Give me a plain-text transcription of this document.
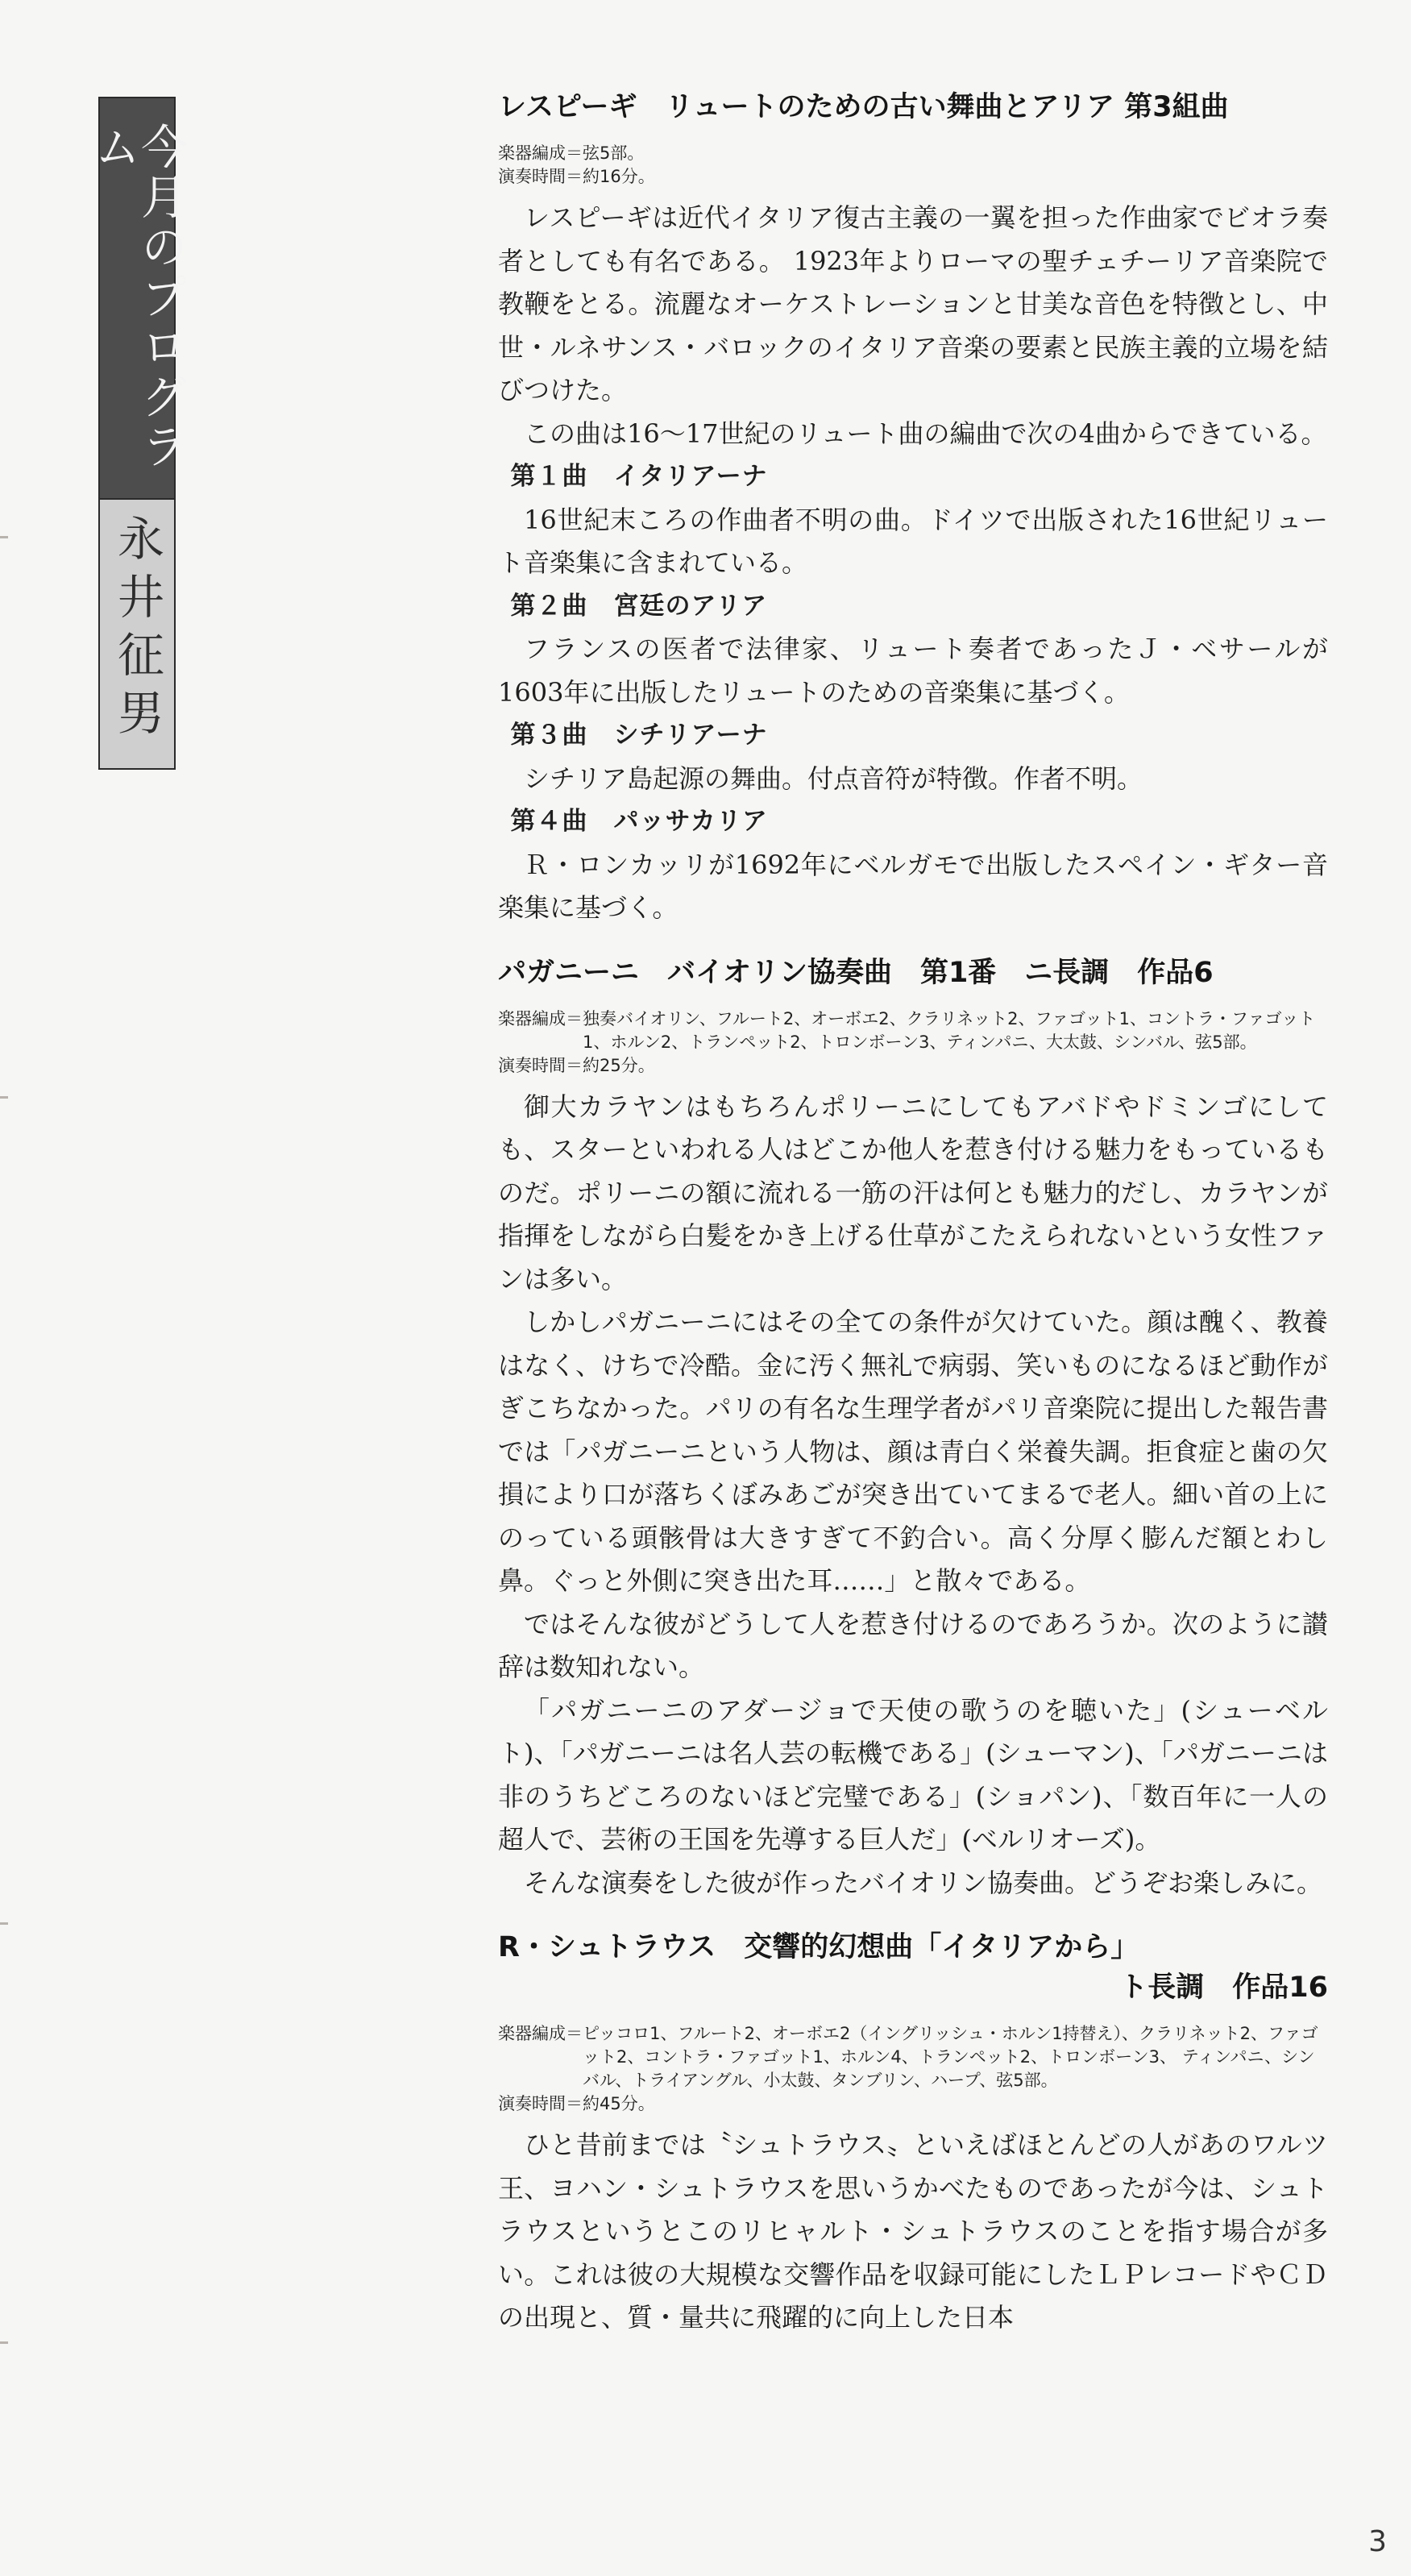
今月のプログラム
永井征男
レスピーギ　リュートのための古い舞曲とアリア 第3組曲
楽器編成＝ 弦5部。
演奏時間＝ 約16分。

レスピーギは近代イタリア復古主義の一翼を担った作曲家でビオラ奏者としても有名である。 1923年よりローマの聖チェチーリア音楽院で教鞭をとる。流麗なオーケストレーションと甘美な音色を特徴とし、中世・ルネサンス・バロックのイタリア音楽の要素と民族主義的立場を結びつけた。

この曲は16～17世紀のリュート曲の編曲で次の4曲からできている。

第１曲　イタリアーナ

16世紀末ころの作曲者不明の曲。ドイツで出版された16世紀リュート音楽集に含まれている。

第２曲　宮廷のアリア

フランスの医者で法律家、リュート奏者であったＪ・ベサールが1603年に出版したリュートのための音楽集に基づく。

第３曲　シチリアーナ

シチリア島起源の舞曲。付点音符が特徴。作者不明。

第４曲　パッサカリア

Ｒ・ロンカッリが1692年にベルガモで出版したスペイン・ギター音楽集に基づく。

パガニーニ　バイオリン協奏曲　第1番　ニ長調　作品6
楽器編成＝ 独奏バイオリン、フルート2、オーボエ2、クラリネット2、ファゴット1、コントラ・ファゴット1、ホルン2、トランペット2、トロンボーン3、ティンパニ、大太鼓、シンバル、弦5部。
演奏時間＝ 約25分。

御大カラヤンはもちろんポリーニにしてもアバドやドミンゴにしても、スターといわれる人はどこか他人を惹き付ける魅力をもっているものだ。ポリーニの額に流れる一筋の汗は何とも魅力的だし、カラヤンが指揮をしながら白髪をかき上げる仕草がこたえられないという女性ファンは多い。

しかしパガニーニにはその全ての条件が欠けていた。顔は醜く、教養はなく、けちで冷酷。金に汚く無礼で病弱、笑いものになるほど動作がぎこちなかった。パリの有名な生理学者がパリ音楽院に提出した報告書では「パガニーニという人物は、顔は青白く栄養失調。拒食症と歯の欠損により口が落ちくぼみあごが突き出ていてまるで老人。細い首の上にのっている頭骸骨は大きすぎて不釣合い。高く分厚く膨んだ額とわし鼻。ぐっと外側に突き出た耳……」と散々である。

ではそんな彼がどうして人を惹き付けるのであろうか。次のように讃辞は数知れない。

「パガニーニのアダージョで天使の歌うのを聴いた」(シューベルト)、「パガニーニは名人芸の転機である」(シューマン)、「パガニーニは非のうちどころのないほど完璧である」(ショパン)、「数百年に一人の超人で、芸術の王国を先導する巨人だ」(ベルリオーズ)。

そんな演奏をした彼が作ったバイオリン協奏曲。どうぞお楽しみに。

R・シュトラウス　交響的幻想曲「イタリアから」
ト長調　作品16
楽器編成＝ ピッコロ1、フルート2、オーボエ2（イングリッシュ・ホルン1持替え）、クラリネット2、ファゴット2、コントラ・ファゴット1、ホルン4、トランペット2、トロンボーン3、 ティンパニ、シンバル、トライアングル、小太鼓、タンブリン、ハープ、弦5部。
演奏時間＝ 約45分。

ひと昔前までは〝シュトラウス〟といえばほとんどの人があのワルツ王、ヨハン・シュトラウスを思いうかべたものであったが今は、シュトラウスというとこのリヒャルト・シュトラウスのことを指す場合が多い。これは彼の大規模な交響作品を収録可能にしたＬＰレコードやＣＤの出現と、質・量共に飛躍的に向上した日本

3
